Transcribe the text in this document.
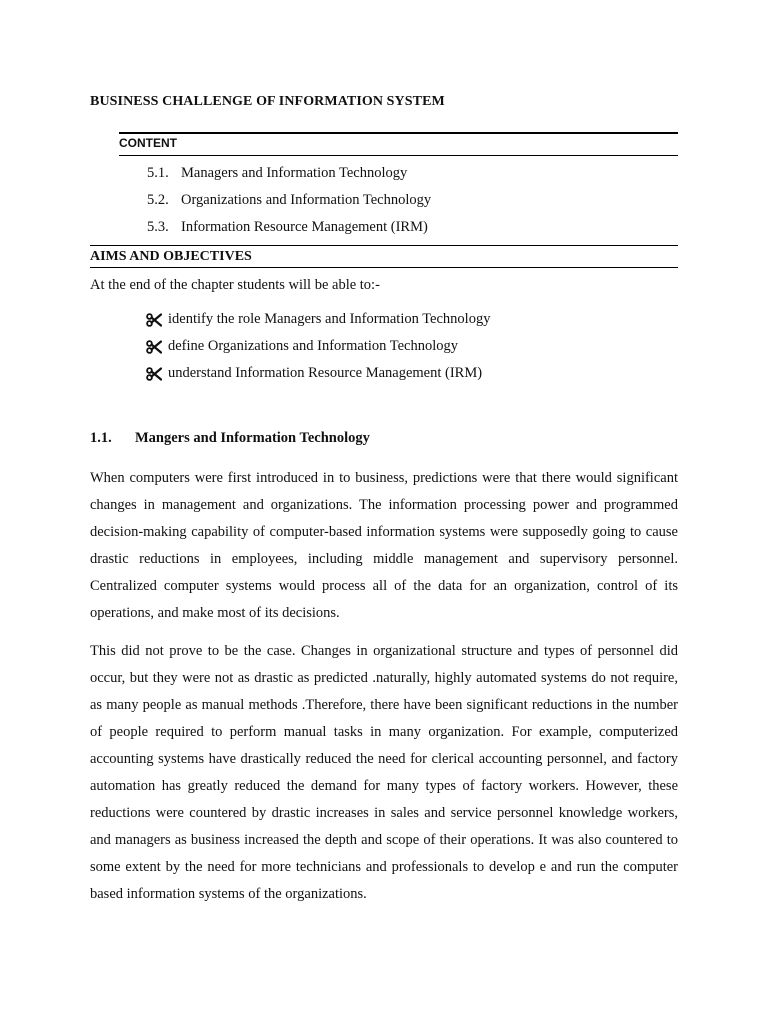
BUSINESS CHALLENGE OF INFORMATION SYSTEM
CONTENT
5.1. Managers and Information Technology
5.2. Organizations and Information Technology
5.3. Information Resource Management (IRM)
AIMS AND OBJECTIVES
At the end of the chapter students will be able to:-
identify the role Managers and Information Technology
define Organizations and Information Technology
understand Information Resource Management (IRM)
1.1. Mangers and Information Technology

When computers were first introduced in to business, predictions were that there would significant changes in management and organizations. The information processing power and programmed decision-making capability of computer-based information systems were supposedly going to cause drastic reductions in employees, including middle management and supervisory personnel. Centralized computer systems would process all of the data for an organization, control of its operations, and make most of its decisions.

This did not prove to be the case. Changes in organizational structure and types of personnel did occur, but they were not as drastic as predicted .naturally, highly automated systems do not require, as many people as manual methods .Therefore, there have been significant reductions in the number of people required to perform manual tasks in many organization. For example, computerized accounting systems have drastically reduced the need for clerical accounting personnel, and factory automation has greatly reduced the demand for many types of factory workers. However, these reductions were countered by drastic increases in sales and service personnel knowledge workers, and managers as business increased the depth and scope of their operations. It was also countered to some extent by the need for more technicians and professionals to develop e and run the computer based information systems of the organizations.
